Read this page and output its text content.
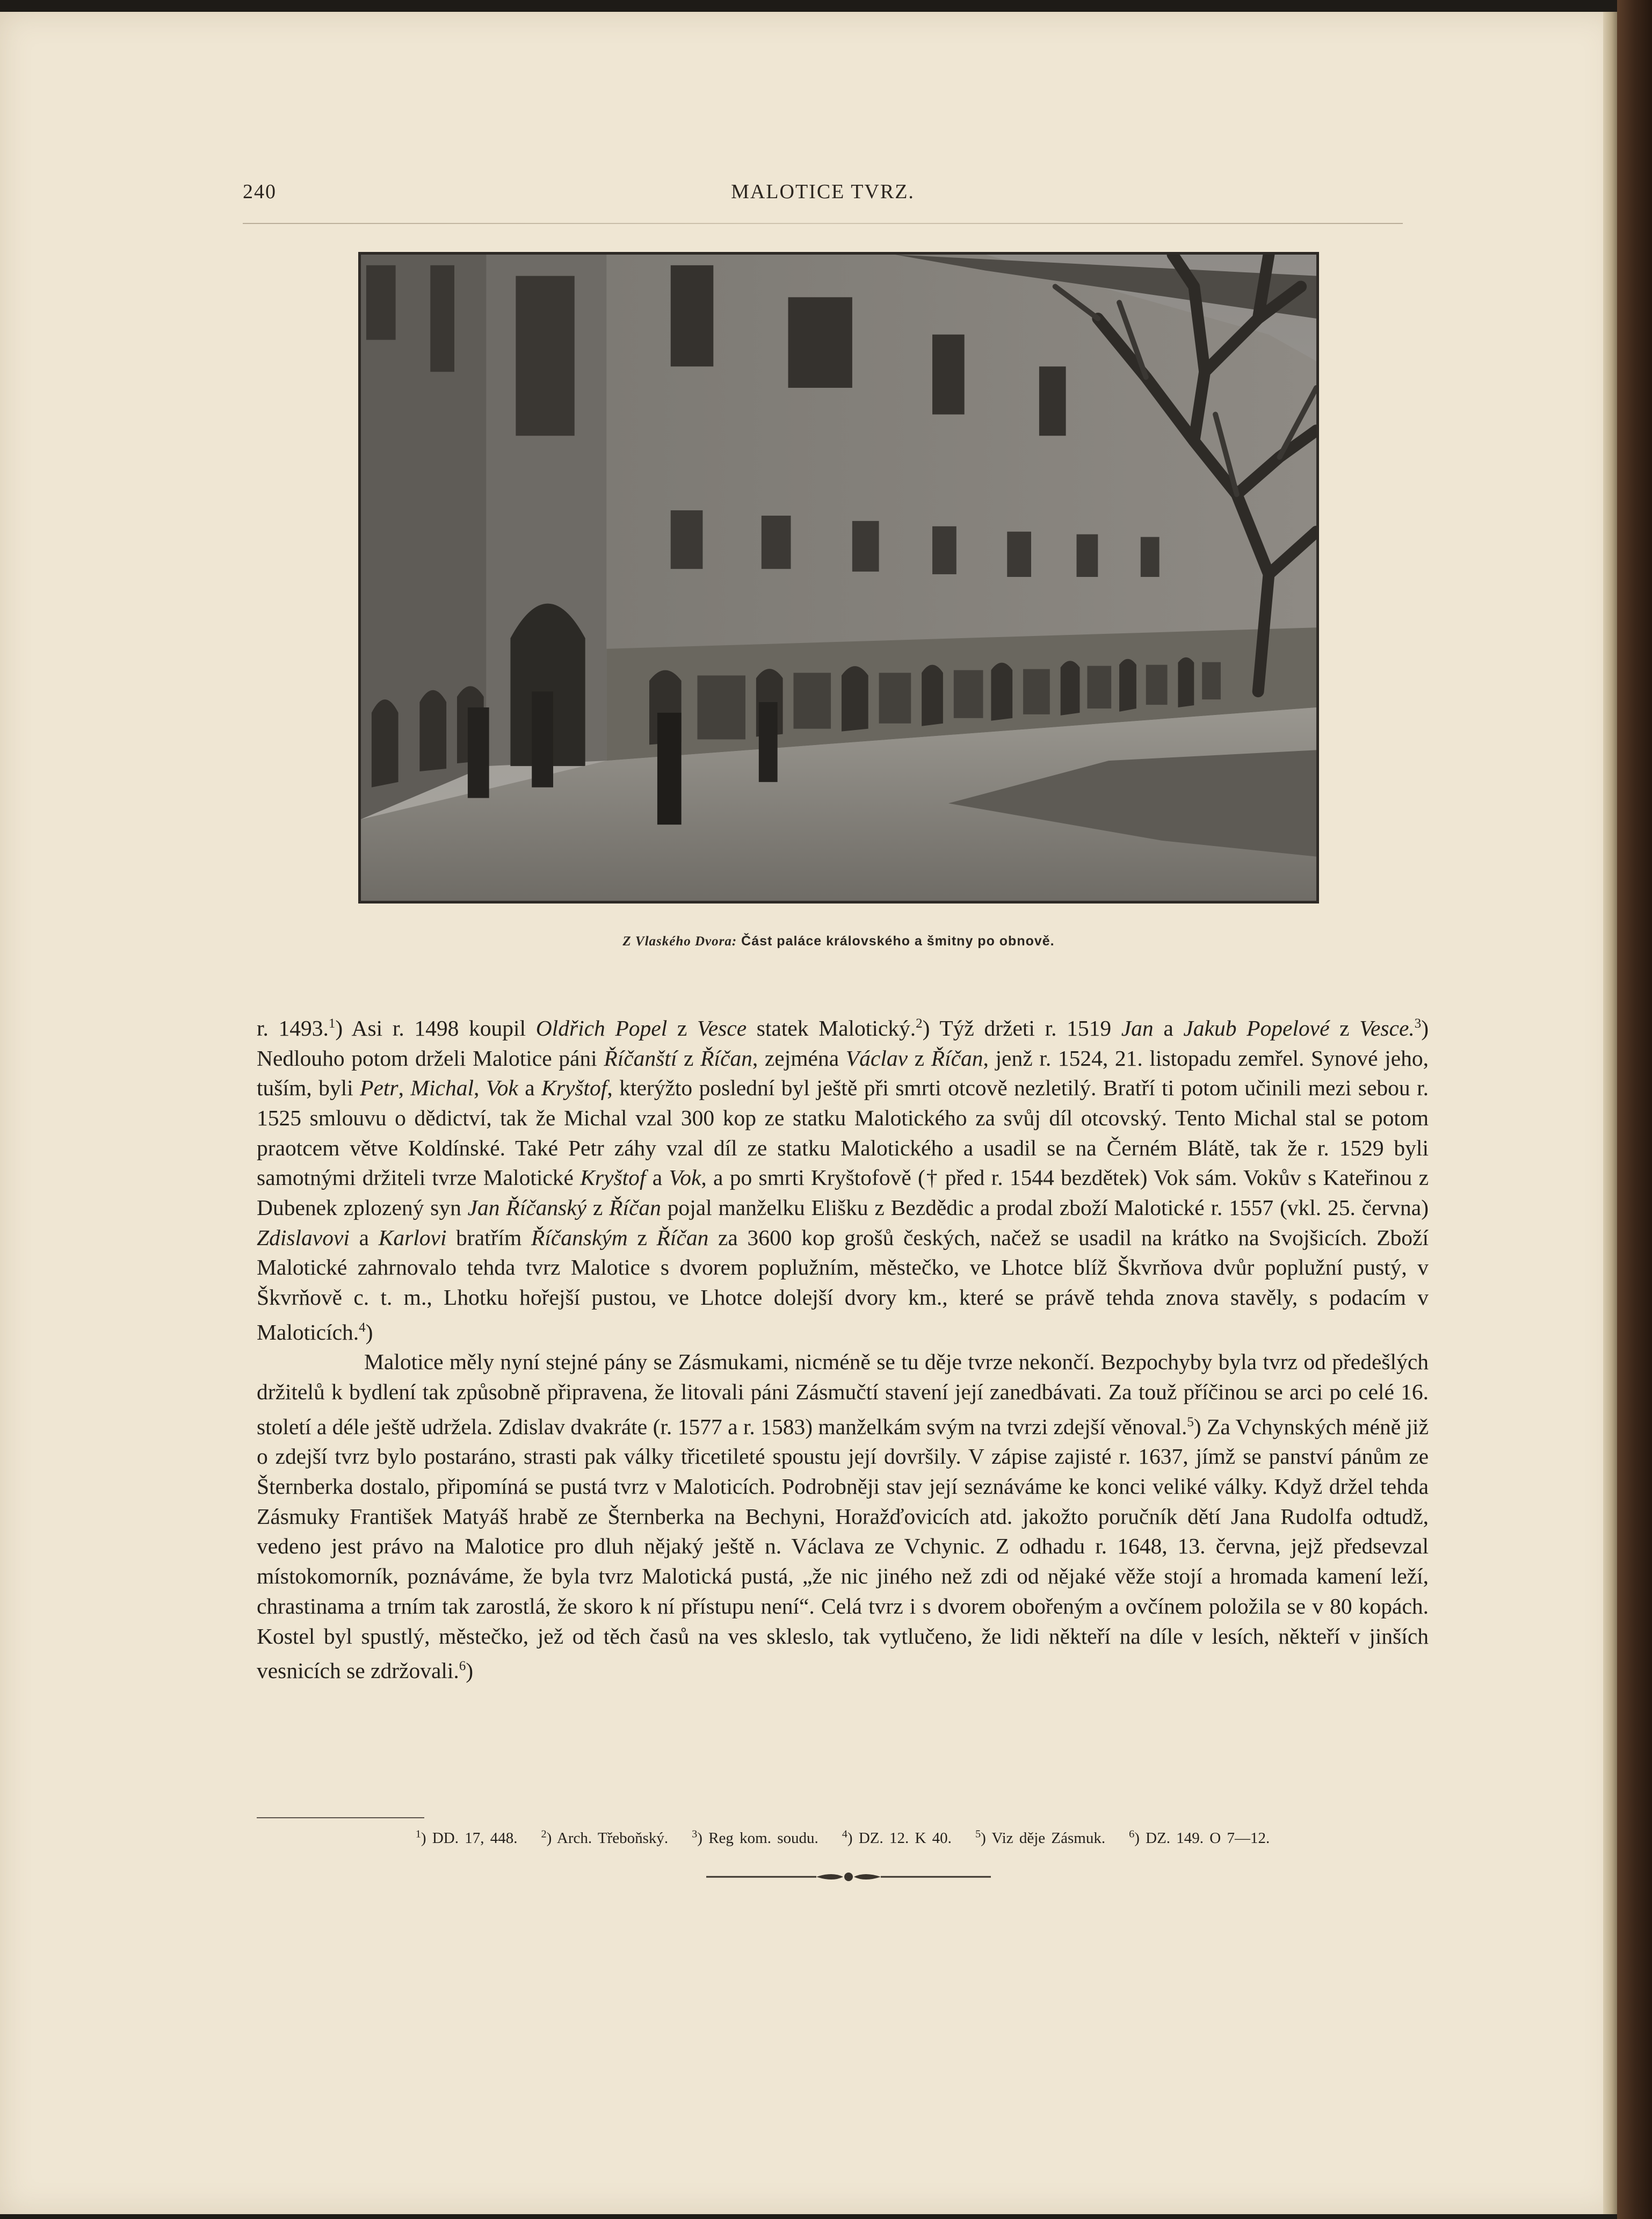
240	MALOTICE TVRZ.
Z Vlaského Dvora: Část paláce královského a šmitny po obnově.

r. 1493.$^1$) Asi r. 1498 koupil Oldřich Popel z Vesce statek Malotický.$^2$) Týž držeti r. 1519 Jan a Jakub Popelové z Vesce.$^3$) Nedlouho potom drželi Malotice páni Říčanští z Říčan, zejména Václav z Říčan, jenž r. 1524, 21. listopadu zemřel. Synové jeho, tuším, byli Petr, Michal, Vok a Kryštof, kterýžto poslední byl ještě při smrti otcově nezletilý. Bratří ti potom učinili mezi sebou r. 1525 smlouvu o dědictví, tak že Michal vzal 300 kop ze statku Malotického za svůj díl otcovský. Tento Michal stal se potom praotcem větve Koldínské. Také Petr záhy vzal díl ze statku Malotického a usadil se na Černém Blátě, tak že r. 1529 byli samotnými držiteli tvrze Malotické Kryštof a Vok, a po smrti Kryštofově († před r. 1544 bezdětek) Vok sám. Vokův s Kateřinou z Dubenek zplozený syn Jan Říčanský z Říčan pojal manželku Elišku z Bezdědic a prodal zboží Malotické r. 1557 (vkl. 25. června) Zdislavovi a Karlovi bratřím Říčanským z Říčan za 3600 kop grošů českých, načež se usadil na krátko na Svojšicích. Zboží Malotické zahrnovalo tehda tvrz Malotice s dvorem poplužním, městečko, ve Lhotce blíž Škvrňova dvůr poplužní pustý, v Škvrňově c. t. m., Lhotku hořejší pustou, ve Lhotce dolejší dvory km., které se právě tehda znova stavěly, s podacím v Maloticích.$^4$)

Malotice měly nyní stejné pány se Zásmukami, nicméně se tu děje tvrze nekončí. Bezpochyby byla tvrz od předešlých držitelů k bydlení tak způsobně připravena, že litovali páni Zásmučtí stavení její zanedbávati. Za touž příčinou se arci po celé 16. století a déle ještě udržela. Zdislav dvakráte (r. 1577 a r. 1583) manželkám svým na tvrzi zdejší věnoval.$^5$) Za Vchynských méně již o zdejší tvrz bylo postaráno, strasti pak války třicetileté spoustu její dovršily. V zápise zajisté r. 1637, jímž se panství pánům ze Šternberka dostalo, připomíná se pustá tvrz v Maloticích. Podrobněji stav její seznáváme ke konci veliké války. Když držel tehda Zásmuky František Matyáš hrabě ze Šternberka na Bechyni, Horažďovicích atd. jakožto poručník dětí Jana Rudolfa odtudž, vedeno jest právo na Malotice pro dluh nějaký ještě n. Václava ze Vchynic. Z odhadu r. 1648, 13. června, jejž předsevzal místokomorník, poznáváme, že byla tvrz Malotická pustá, „že nic jiného než zdi od nějaké věže stojí a hromada kamení leží, chrastinama a trním tak zarostlá, že skoro k ní přístupu není“. Celá tvrz i s dvorem obořeným a ovčínem položila se v 80 kopách. Kostel byl spustlý, městečko, jež od těch časů na ves skleslo, tak vytlučeno, že lidi někteří na díle v lesích, někteří v jinších vesnicích se zdržovali.$^6$)

$^1$) DD. 17, 448. $^2$) Arch. Třeboňský. $^3$) Reg kom. soudu. $^4$) DZ. 12. K 40. $^5$) Viz děje Zásmuk. $^6$) DZ. 149. O 7—12.
